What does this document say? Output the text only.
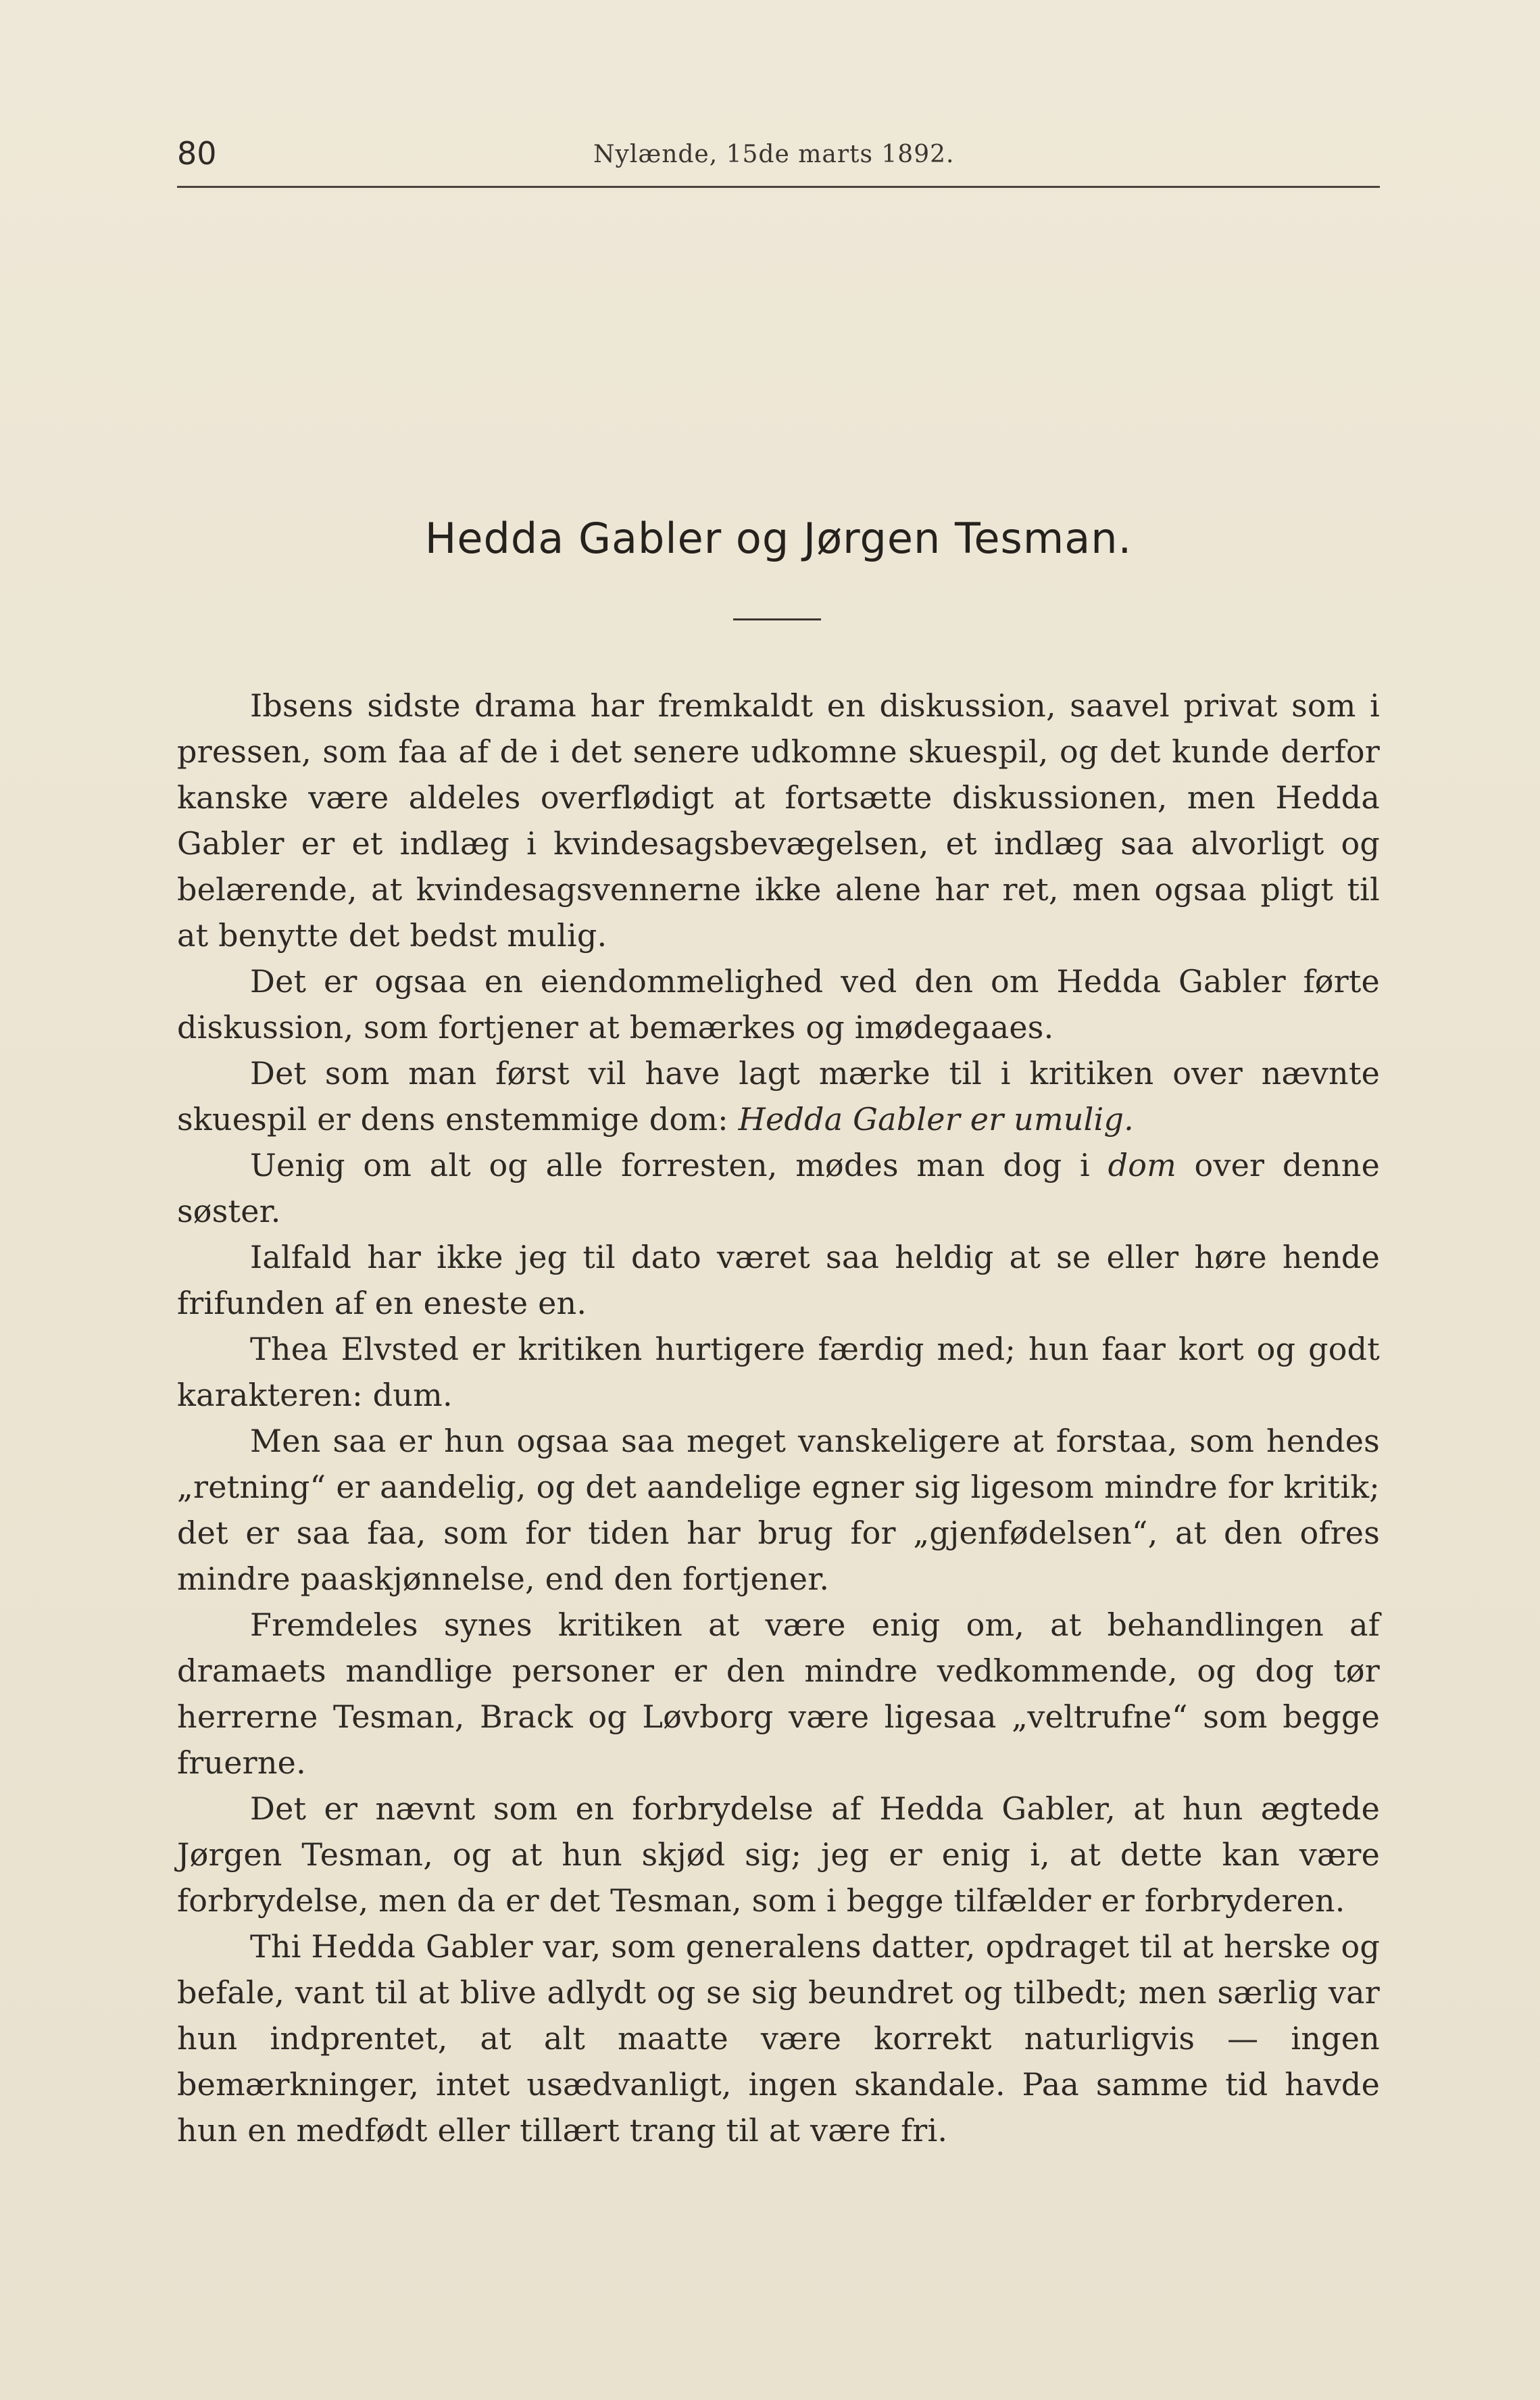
80	Nylænde, 15de marts 1892.
Hedda Gabler og Jørgen Tesman.

Ibsens sidste drama har fremkaldt en diskussion, saavel privat som i pressen, som faa af de i det senere udkomne skuespil, og det kunde derfor kanske være aldeles overflødigt at fortsætte diskussionen, men Hedda Gabler er et indlæg i kvindesagsbevægelsen, et indlæg saa alvorligt og belærende, at kvindesagsvennerne ikke alene har ret, men ogsaa pligt til at benytte det bedst mulig.

Det er ogsaa en eiendommelighed ved den om Hedda Gabler førte diskussion, som fortjener at bemærkes og imødegaaes.

Det som man først vil have lagt mærke til i kritiken over nævnte skuespil er dens enstemmige dom: Hedda Gabler er umulig.

Uenig om alt og alle forresten, mødes man dog i dom over denne søster.

Ialfald har ikke jeg til dato været saa heldig at se eller høre hende frifunden af en eneste en.

Thea Elvsted er kritiken hurtigere færdig med; hun faar kort og godt karakteren: dum.

Men saa er hun ogsaa saa meget vanskeligere at forstaa, som hendes „retning“ er aandelig, og det aandelige egner sig ligesom mindre for kritik; det er saa faa, som for tiden har brug for „gjenfødelsen“, at den ofres mindre paaskjønnelse, end den fortjener.

Fremdeles synes kritiken at være enig om, at behandlingen af dramaets mandlige personer er den mindre vedkommende, og dog tør herrerne Tesman, Brack og Løvborg være ligesaa „veltrufne“ som begge fruerne.

Det er nævnt som en forbrydelse af Hedda Gabler, at hun ægtede Jørgen Tesman, og at hun skjød sig; jeg er enig i, at dette kan være forbrydelse, men da er det Tesman, som i begge tilfælder er forbryderen.

Thi Hedda Gabler var, som generalens datter, opdraget til at herske og befale, vant til at blive adlydt og se sig beundret og tilbedt; men særlig var hun indprentet, at alt maatte være korrekt naturligvis — ingen bemærkninger, intet usædvanligt, ingen skandale. Paa samme tid havde hun en medfødt eller tillært trang til at være fri.
